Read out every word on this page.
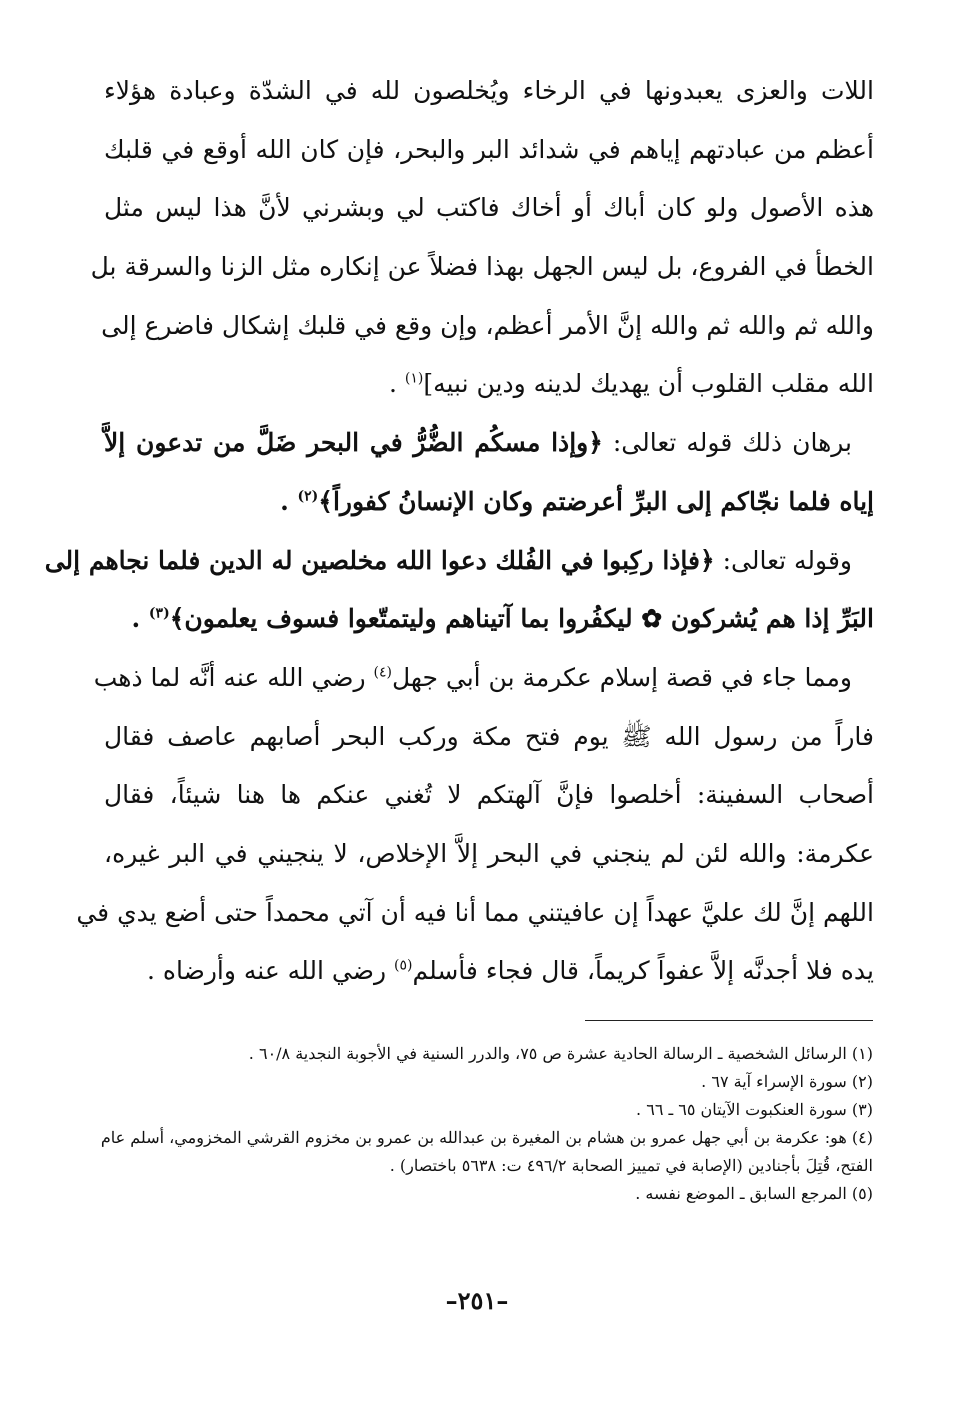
اللات والعزى يعبدونها في الرخاء ويُخلصون لله في الشدّة وعبادة هؤلاء
أعظم من عبادتهم إياهم في شدائد البر والبحر، فإن كان الله أوقع في قلبك
هذه الأصول ولو كان أباك أو أخاك فاكتب لي وبشرني لأنَّ هذا ليس مثل
الخطأ في الفروع، بل ليس الجهل بهذا فضلاً عن إنكاره مثل الزنا والسرقة بل
والله ثم والله ثم والله إنَّ الأمر أعظم، وإن وقع في قلبك إشكال فاضرع إلى
الله مقلب القلوب أن يهديك لدينه ودين نبيه]$^{(١)}$ .
برهان ذلك قوله تعالى: ﴿وإذا مسكُم الضُّرُّ في البحر ضَلَّ من تدعون إلاَّ
إياه فلما نجّاكم إلى البرِّ أعرضتم وكان الإنسانُ كفوراً﴾$^{(٢)}$ .
وقوله تعالى: ﴿فإذا ركِبوا في الفُلك دعوا الله مخلصين له الدين فلما نجاهم إلى
البَرِّ إذا هم يُشركون ✿ ليكفُروا بما آتيناهم وليتمتّعوا فسوف يعلمون﴾$^{(٣)}$ .
ومما جاء في قصة إسلام عكرمة بن أبي جهل$^{(٤)}$ رضي الله عنه أنَّه لما ذهب
فاراً من رسول الله ﷺ يوم فتح مكة وركب البحر أصابهم عاصف فقال
أصحاب السفينة: أخلصوا فإنَّ آلهتكم لا تُغني عنكم ها هنا شيئاً، فقال
عكرمة: والله لئن لم ينجني في البحر إلاَّ الإخلاص، لا ينجيني في البر غيره،
اللهم إنَّ لك عليَّ عهداً إن عافيتني مما أنا فيه أن آتي محمداً حتى أضع يدي في
يده فلا أجدنَّه إلاَّ عفواً كريماً، قال فجاء فأسلم$^{(٥)}$ رضي الله عنه وأرضاه .
(١) الرسائل الشخصية ـ الرسالة الحادية عشرة ص ٧٥، والدرر السنية في الأجوبة النجدية ٦٠/٨ .
(٢) سورة الإسراء آية ٦٧ .
(٣) سورة العنكبوت الآيتان ٦٥ ـ ٦٦ .
(٤) هو: عكرمة بن أبي جهل عمرو بن هشام بن المغيرة بن عبدالله بن عمرو بن مخزوم القرشي المخزومي، أسلم عام
الفتح، قُتِلَ بأجنادين (الإصابة في تمييز الصحابة ٤٩٦/٢ ت: ٥٦٣٨ باختصار) .
(٥) المرجع السابق ـ الموضع نفسه .
–٢٥١–
